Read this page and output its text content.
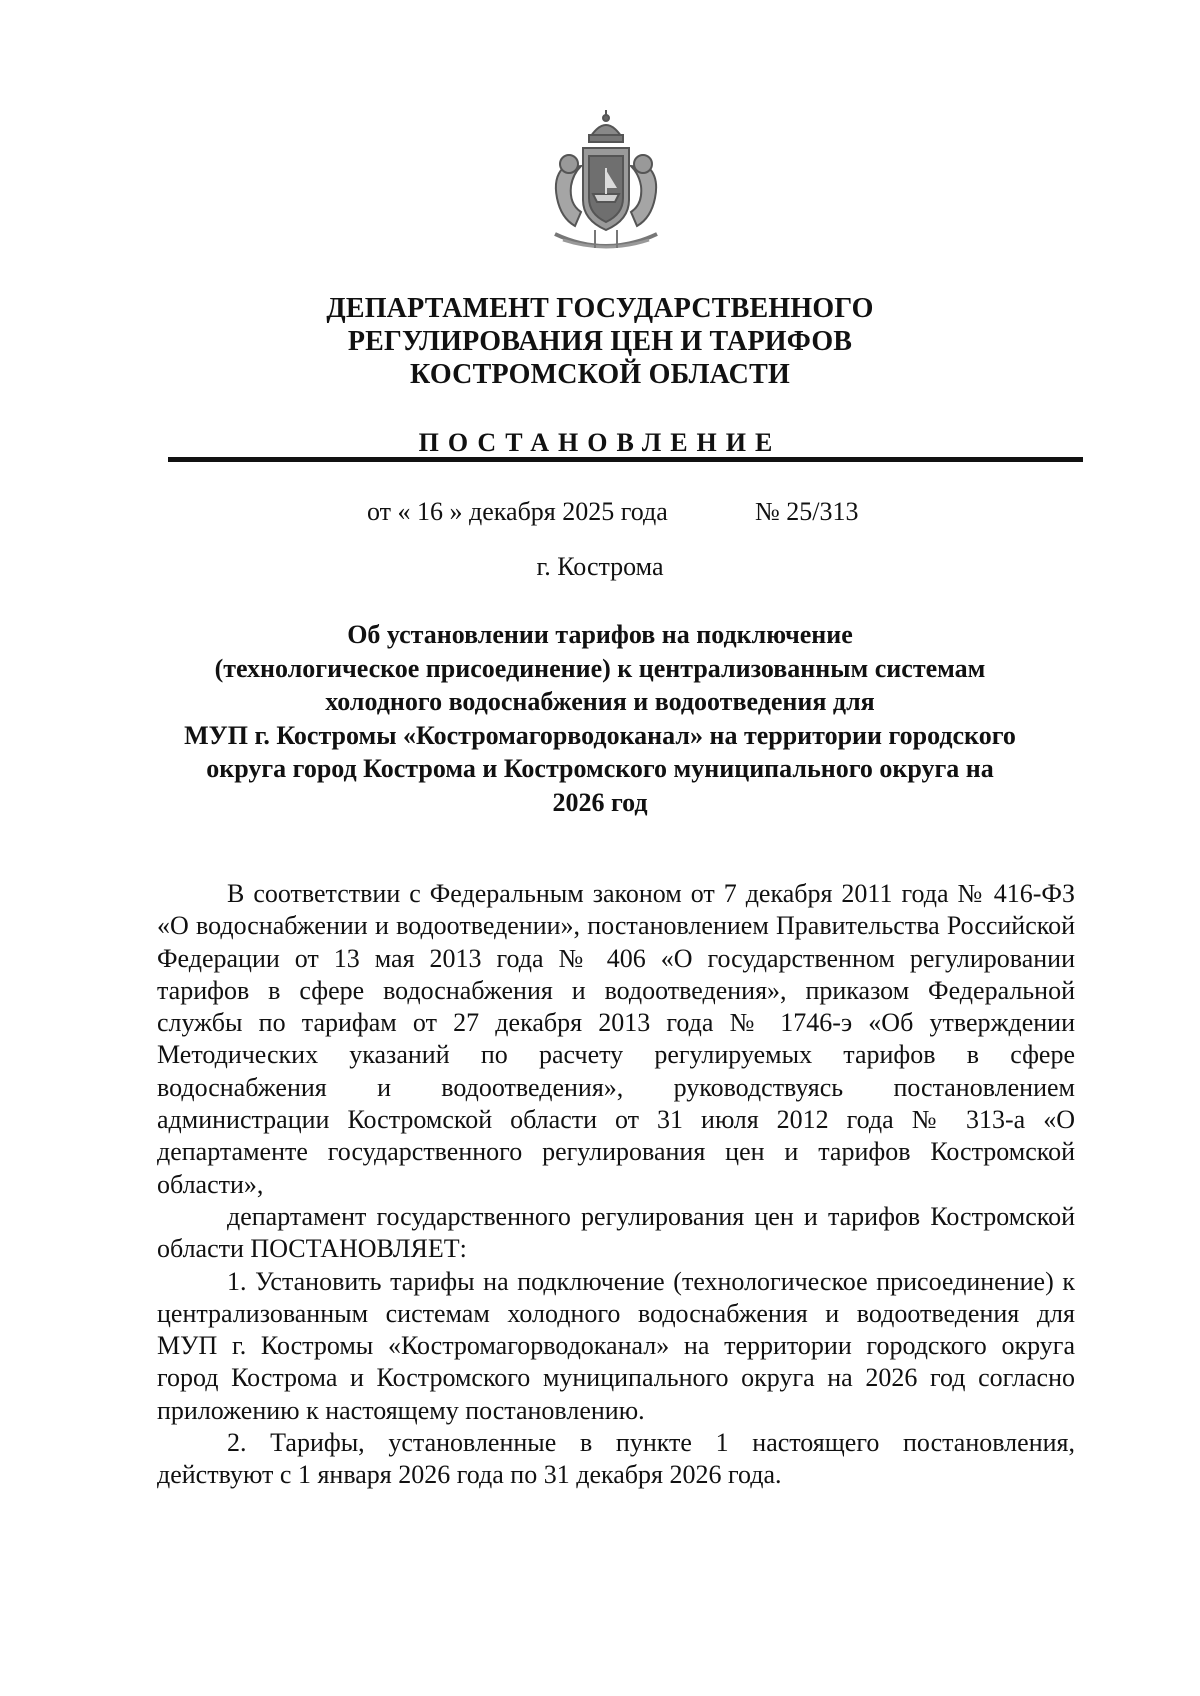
ДЕПАРТАМЕНТ ГОСУДАРСТВЕННОГО
РЕГУЛИРОВАНИЯ ЦЕН И ТАРИФОВ
КОСТРОМСКОЙ ОБЛАСТИ
ПОСТАНОВЛЕНИЕ
от « 16 » декабря 2025 года	№ 25/313
г. Кострома
Об установлении тарифов на подключение
(технологическое присоединение) к централизованным системам
холодного водоснабжения и водоотведения для
МУП г. Костромы «Костромагорводоканал» на территории городского
округа город Кострома и Костромского муниципального округа на
2026 год

В соответствии с Федеральным законом от 7 декабря 2011 года № 416-ФЗ «О водоснабжении и водоотведении», постановлением Правительства Российской Федерации от 13 мая 2013 года № 406 «О государственном регулировании тарифов в сфере водоснабжения и водоотведения», приказом Федеральной службы по тарифам от 27 декабря 2013 года № 1746-э «Об утверждении Методических указаний по расчету регулируемых тарифов в сфере водоснабжения и водоотведения», руководствуясь постановлением администрации Костромской области от 31 июля 2012 года № 313-а «О департаменте государственного регулирования цен и тарифов Костромской области»,

департамент государственного регулирования цен и тарифов Костромской области ПОСТАНОВЛЯЕТ:

1. Установить тарифы на подключение (технологическое присоединение) к централизованным системам холодного водоснабжения и водоотведения для МУП г. Костромы «Костромагорводоканал» на территории городского округа город Кострома и Костромского муниципального округа на 2026 год согласно приложению к настоящему постановлению.

2. Тарифы, установленные в пункте 1 настоящего постановления, действуют с 1 января 2026 года по 31 декабря 2026 года.
